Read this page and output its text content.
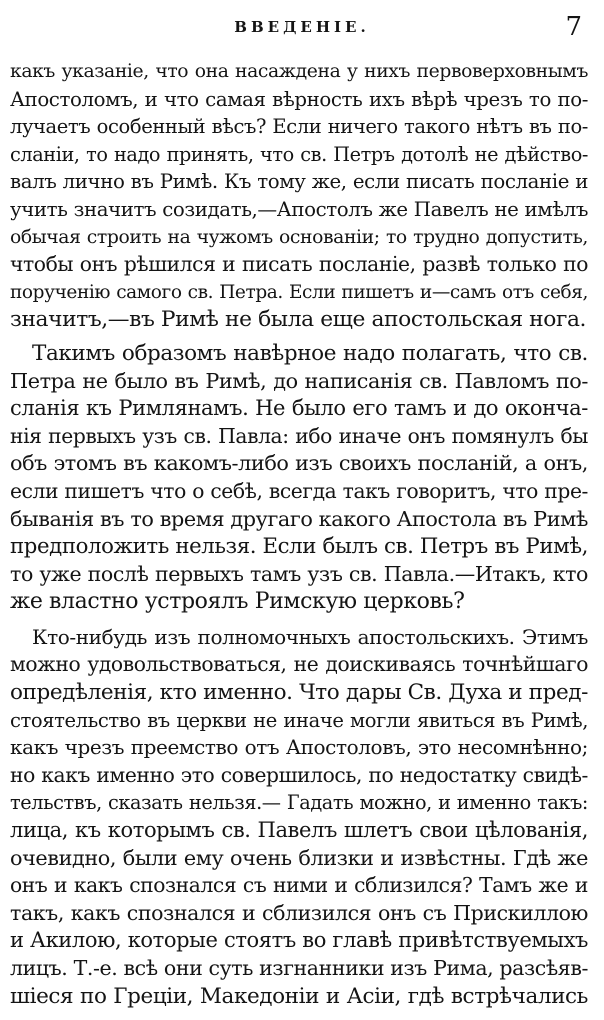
ВВЕДЕНІЕ.	7
какъ указаніе, что она насаждена у нихъ первоверховнымъ
Апостоломъ, и что самая вѣрность ихъ вѣрѣ чрезъ то по-
лучаетъ особенный вѣсъ? Если ничего такого нѣтъ въ по-
сланіи, то надо принять, что св. Петръ дотолѣ не дѣйство-
валъ лично въ Римѣ. Къ тому же, если писать посланіе и
учить значитъ созидать,—Апостолъ же Павелъ не имѣлъ
обычая строить на чужомъ основаніи; то трудно допустить,
чтобы онъ рѣшился и писать посланіе, развѣ только по
порученію самого св. Петра. Если пишетъ и—самъ отъ себя,
значитъ,—въ Римѣ не была еще апостольская нога.
Такимъ образомъ навѣрное надо полагать, что св.
Петра не было въ Римѣ, до написанія св. Павломъ по-
сланія къ Римлянамъ. Не было его тамъ и до оконча-
нія первыхъ узъ св. Павла: ибо иначе онъ помянулъ бы
объ этомъ въ какомъ-либо изъ своихъ посланій, а онъ,
если пишетъ что о себѣ, всегда такъ говоритъ, что пре-
быванія въ то время другаго какого Апостола въ Римѣ
предположить нельзя. Если былъ св. Петръ въ Римѣ,
то уже послѣ первыхъ тамъ узъ св. Павла.—Итакъ, кто
же властно устроялъ Римскую церковь?
Кто-нибудь изъ полномочныхъ апостольскихъ. Этимъ
можно удовольствоваться, не доискиваясь точнѣйшаго
опредѣленія, кто именно. Что дары Св. Духа и пред-
стоятельство въ церкви не иначе могли явиться въ Римѣ,
какъ чрезъ преемство отъ Апостоловъ, это несомнѣнно;
но какъ именно это совершилось, по недостатку свидѣ-
тельствъ, сказать нельзя.— Гадать можно, и именно такъ:
лица, къ которымъ св. Павелъ шлетъ свои цѣлованія,
очевидно, были ему очень близки и извѣстны. Гдѣ же
онъ и какъ спознался съ ними и сблизился? Тамъ же и
такъ, какъ спознался и сблизился онъ съ Прискиллою
и Акилою, которые стоятъ во главѣ привѣтствуемыхъ
лицъ. Т.-е. всѣ они суть изгнанники изъ Рима, разсѣяв-
шіеся по Греціи, Македоніи и Асіи, гдѣ встрѣчались
